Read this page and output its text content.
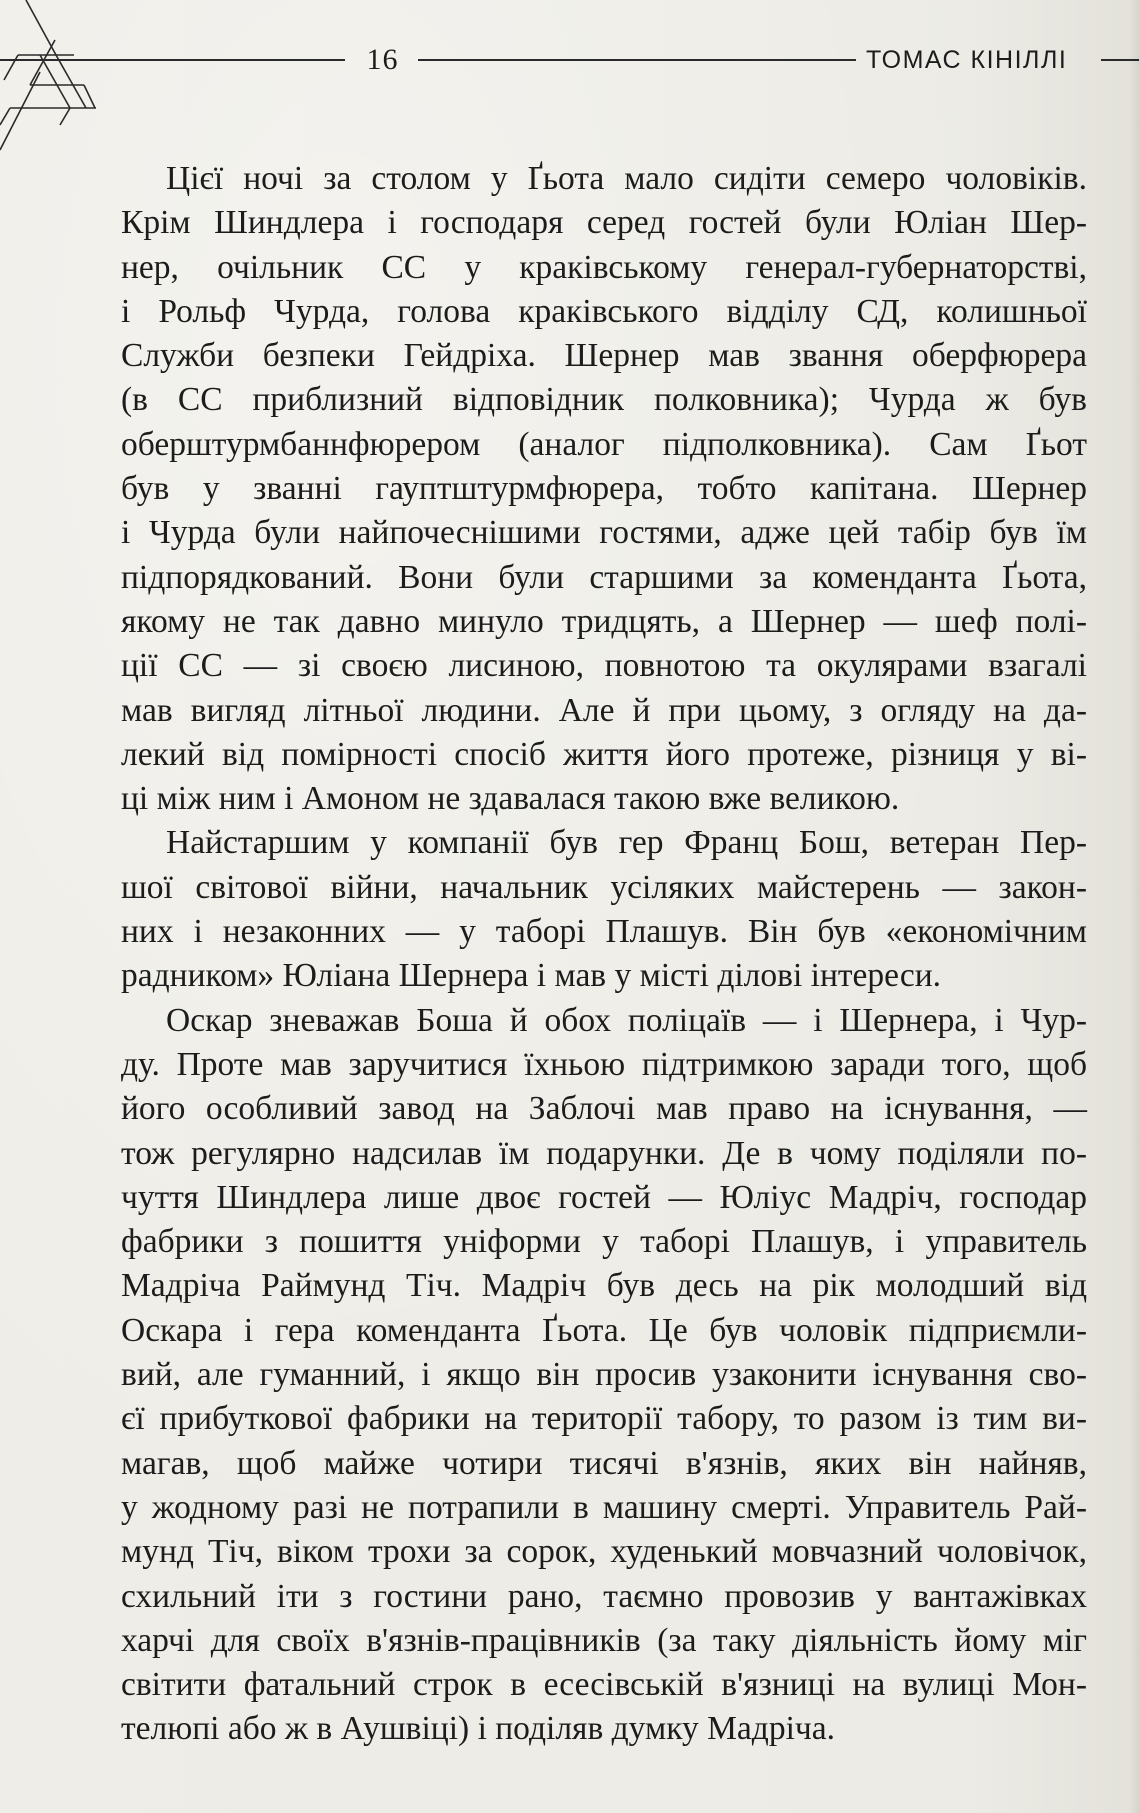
16	ТОМАС КІНІЛЛІ
Цієї ночі за столом у Ґьота мало сидіти семеро чоловіків.
Крім Шиндлера і господаря серед гостей були Юліан Шер-
нер, очільник СС у краківському генерал-губернаторстві,
і Рольф Чурда, голова краківського відділу СД, колишньої
Служби безпеки Гейдріха. Шернер мав звання оберфюрера
(в СС приблизний відповідник полковника); Чурда ж був
оберштурмбаннфюрером (аналог підполковника). Сам Ґьот
був у званні гауптштурмфюрера, тобто капітана. Шернер
і Чурда були найпочеснішими гостями, адже цей табір був їм
підпорядкований. Вони були старшими за коменданта Ґьота,
якому не так давно минуло тридцять, а Шернер — шеф полі-
ції СС — зі своєю лисиною, повнотою та окулярами взагалі
мав вигляд літньої людини. Але й при цьому, з огляду на да-
лекий від помірності спосіб життя його протеже, різниця у ві-
ці між ним і Амоном не здавалася такою вже великою.
Найстаршим у компанії був гер Франц Бош, ветеран Пер-
шої світової війни, начальник усіляких майстерень — закон-
них і незаконних — у таборі Плашув. Він був «економічним
радником» Юліана Шернера і мав у місті ділові інтереси.
Оскар зневажав Боша й обох поліцаїв — і Шернера, і Чур-
ду. Проте мав заручитися їхньою підтримкою заради того, щоб
його особливий завод на Заблочі мав право на існування, —
тож регулярно надсилав їм подарунки. Де в чому поділяли по-
чуття Шиндлера лише двоє гостей — Юліус Мадріч, господар
фабрики з пошиття уніформи у таборі Плашув, і управитель
Мадріча Раймунд Тіч. Мадріч був десь на рік молодший від
Оскара і гера коменданта Ґьота. Це був чоловік підприємли-
вий, але гуманний, і якщо він просив узаконити існування сво-
єї прибуткової фабрики на території табору, то разом із тим ви-
магав, щоб майже чотири тисячі в'язнів, яких він найняв,
у жодному разі не потрапили в машину смерті. Управитель Рай-
мунд Тіч, віком трохи за сорок, худенький мовчазний чоловічок,
схильний іти з гостини рано, таємно провозив у вантажівках
харчі для своїх в'язнів-працівників (за таку діяльність йому міг
світити фатальний строк в есесівській в'язниці на вулиці Мон-
телюпі або ж в Аушвіці) і поділяв думку Мадріча.
